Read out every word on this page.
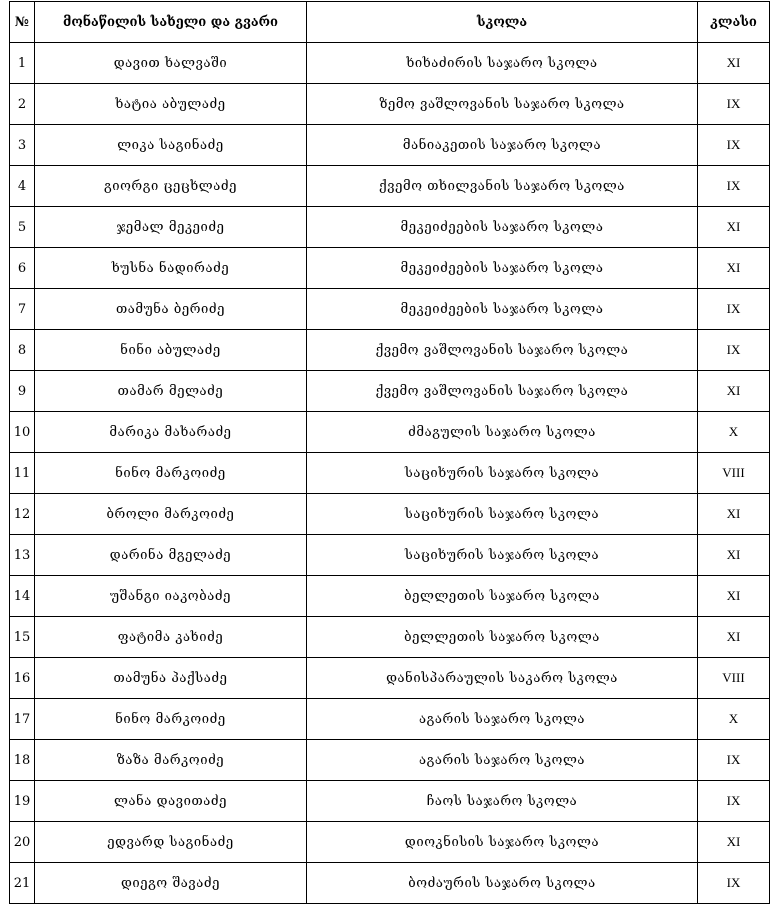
№	მონაწილის სახელი და გვარი	სკოლა	კლასი
1	დავით ხალვაში	ხიხაძირის საჯარო სკოლა	XI
2	ხატია აბულაძე	ზემო ვაშლოვანის საჯარო სკოლა	IX
3	ლიკა საგინაძე	მანიაკეთის საჯარო სკოლა	IX
4	გიორგი ცეცხლაძე	ქვემო თხილვანის საჯარო სკოლა	IX
5	ჯემალ მეკეიძე	მეკეიძეების საჯარო სკოლა	XI
6	ხუსნა ნადირაძე	მეკეიძეების საჯარო სკოლა	XI
7	თამუნა ბერიძე	მეკეიძეების საჯარო სკოლა	IX
8	ნინი აბულაძე	ქვემო ვაშლოვანის საჯარო სკოლა	IX
9	თამარ მელაძე	ქვემო ვაშლოვანის საჯარო სკოლა	XI
10	მარიკა მახარაძე	ძმაგულის საჯარო სკოლა	X
11	ნინო მარკოიძე	საციხურის საჯარო სკოლა	VIII
12	ბროლი მარკოიძე	საციხურის საჯარო სკოლა	XI
13	დარინა მგელაძე	საციხურის საჯარო სკოლა	XI
14	უშანგი იაკობაძე	ბელლეთის საჯარო სკოლა	XI
15	ფატიმა კახიძე	ბელლეთის საჯარო სკოლა	XI
16	თამუნა პაქსაძე	დანისპარაულის საკარო სკოლა	VIII
17	ნინო მარკოიძე	აგარის საჯარო სკოლა	X
18	ზაზა მარკოიძე	აგარის საჯარო სკოლა	IX
19	ლანა დავითაძე	ჩაოს საჯარო სკოლა	IX
20	ედვარდ საგინაძე	დიოკნისის საჯარო სკოლა	XI
21	დიეგო შავაძე	ბოძაურის საჯარო სკოლა	IX
